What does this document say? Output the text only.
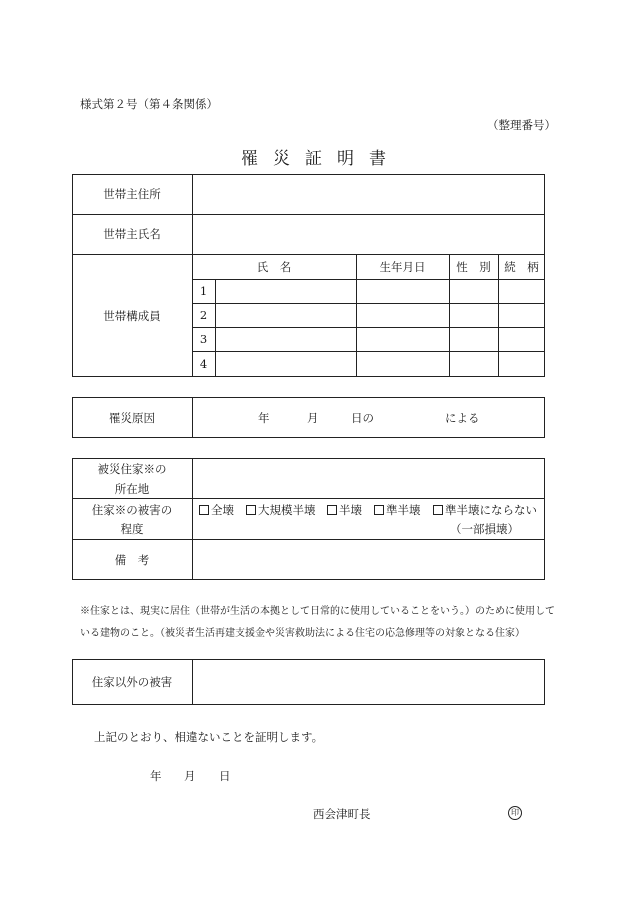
様式第２号（第４条関係）
（整理番号）
罹災証明書
世帯主住所
世帯主氏名
世帯構成員
氏　名	生年月日	性　別	続　柄
1
2
3
4
罹災原因	年	月	日の	による
被災住家※の
所在地
住家※の被害の
程度
全壊	大規模半壊	半壊	準半壊	準半壊にならない
（一部損壊）
備　考
※住家とは、現実に居住（世帯が生活の本拠として日常的に使用していることをいう。）のために使用して
いる建物のこと。（被災者生活再建支援金や災害救助法による住宅の応急修理等の対象となる住家）
住家以外の被害
上記のとおり、相違ないことを証明します。
年 月 日
西会津町長	印
